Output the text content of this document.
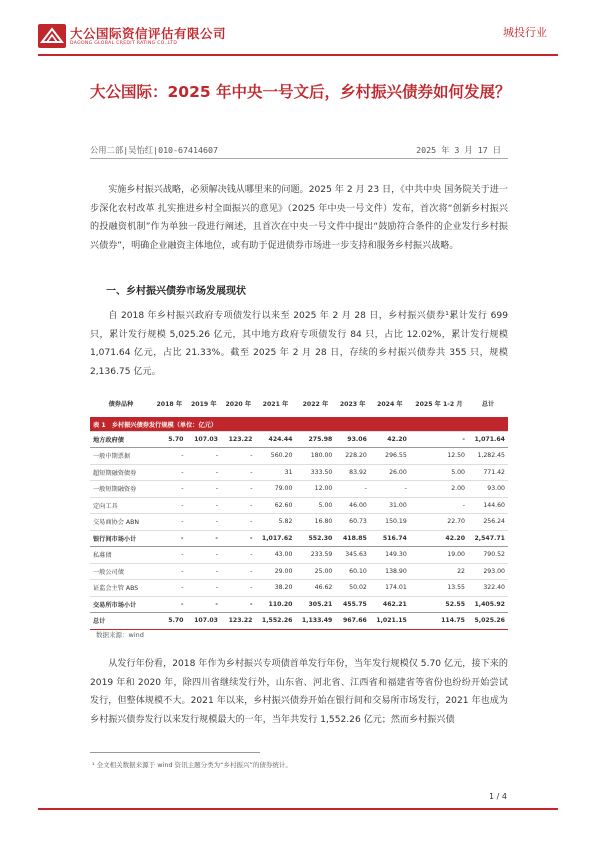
大公国际资信评估有限公司
DAGONG GLOBAL CREDIT RATING CO.,LTD
城投行业
大公国际：2025 年中央一号文后，乡村振兴债券如何发展？
公用二部|吴怡红|010-67414607	2025 年 3 月 17 日
实施乡村振兴战略，必须解决钱从哪里来的问题。2025 年 2 月 23 日，《中共中央 国务院关于进一步深化农村改革 扎实推进乡村全面振兴的意见》（2025 年中央一号文件）发布，首次将“创新乡村振兴的投融资机制”作为单独一段进行阐述，且首次在中央一号文件中提出“鼓励符合条件的企业发行乡村振兴债券”，明确企业融资主体地位，或有助于促进债券市场进一步支持和服务乡村振兴战略。
一、乡村振兴债券市场发展现状
自 2018 年乡村振兴政府专项债发行以来至 2025 年 2 月 28 日，乡村振兴债券¹累计发行 699 只，累计发行规模 5,025.26 亿元，其中地方政府专项债发行 84 只，占比 12.02%，累计发行规模 1,071.64 亿元，占比 21.33%。截至 2025 年 2 月 28 日，存续的乡村振兴债券共 355 只，规模 2,136.75 亿元。
表 1　乡村振兴债券发行规模（单位：亿元）									
债券品种	2018 年	2019 年	2020 年	2021 年	2022 年	2023 年	2024 年	2025 年 1-2 月	总计
地方政府债	5.70	107.03	123.22	424.44	275.98	93.06	42.20	-	1,071.64
一般中期票据	-	-	-	560.20	180.00	228.20	296.55	12.50	1,282.45
超短期融资债券	-	-	-	31	333.50	83.92	26.00	5.00	771.42
一般短期融资券	-	-	-	79.00	12.00	-	-	2.00	93.00
定向工具	-	-	-	62.60	5.00	46.00	31.00	-	144.60
交易商协会 ABN	-	-	-	5.82	16.80	60.73	150.19	22.70	256.24
银行间市场小计	-	-	-	1,017.62	552.30	418.85	516.74	42.20	2,547.71
私募债	-	-	-	43.00	233.59	345.63	149.30	19.00	790.52
一般公司债	-	-	-	29.00	25.00	60.10	138.90	22	293.00
证监会主管 ABS	-	-	-	38.20	46.62	50.02	174.01	13.55	322.40
交易所市场小计	-	-	-	110.20	305.21	455.75	462.21	52.55	1,405.92
总计	5.70	107.03	123.22	1,552.26	1,133.49	967.66	1,021.15	114.75	5,025.26
数据来源：wind
从发行年份看，2018 年作为乡村振兴专项债首单发行年份，当年发行规模仅 5.70 亿元，接下来的 2019 年和 2020 年，除四川省继续发行外，山东省、河北省、江西省和福建省等省份也纷纷开始尝试发行，但整体规模不大。2021 年以来，乡村振兴债券开始在银行间和交易所市场发行，2021 年也成为乡村振兴债券发行以来发行规模最大的一年，当年共发行 1,552.26 亿元；然而乡村振兴债
¹ 全文相关数据来源于 wind 资讯主题分类为“乡村振兴”的债券统计。
1 / 4
